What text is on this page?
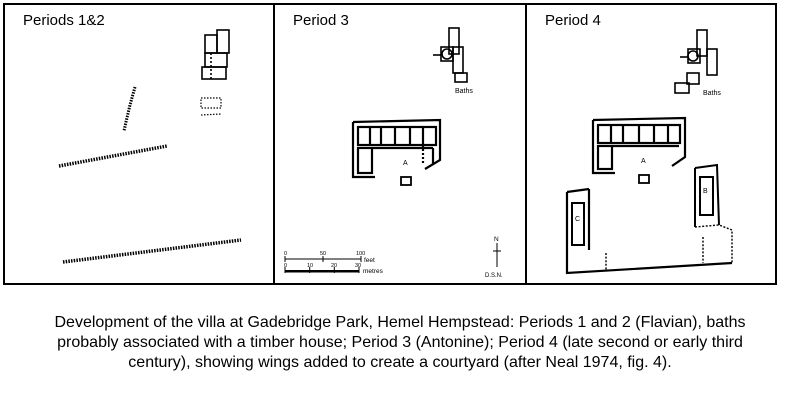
Periods 1&2	Period 3
Baths
A
0	50	100
feet
0	10	20	30
metres
N
D.S.N.
Period 4
Baths
A
C
B
Development of the villa at Gadebridge Park, Hemel Hempstead: Periods 1 and 2 (Flavian), baths
probably associated with a timber house; Period 3 (Antonine); Period 4 (late second or early third
century), showing wings added to create a courtyard (after Neal 1974, fig. 4).
